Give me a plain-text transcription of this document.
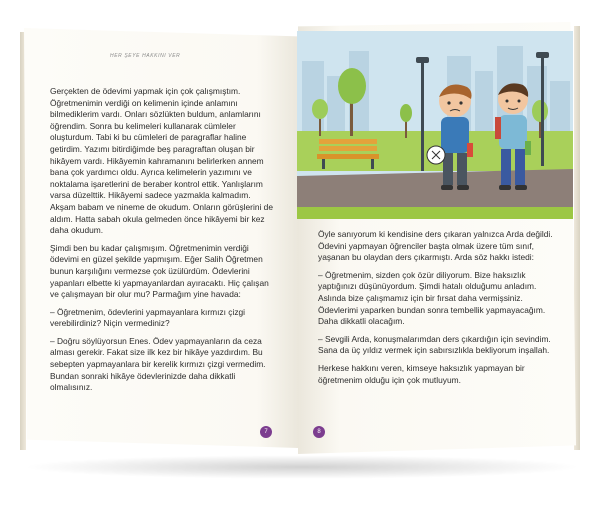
HER ŞEYE HAKKINI VER

Gerçekten de ödevimi yapmak için çok çalışmıştım. Öğretmenimin verdiği on kelimenin içinde anlamını bilmediklerim vardı. Onları sözlükten buldum, anlamlarını öğrendim. Sonra bu kelimeleri kullanarak cümleler oluşturdum. Tabi ki bu cümleleri de paragraflar haline getirdim. Yazımı bitirdiğimde beş paragraftan oluşan bir hikâyem vardı. Hikâyemin kahramanını belirlerken annem bana çok yardımcı oldu. Ayrıca kelimelerin yazımını ve noktalama işaretlerini de beraber kontrol ettik. Yanlışlarım varsa düzelttik. Hikâyemi sadece yazmakla kalmadım. Akşam babam ve nineme de okudum. Onların görüşlerini de aldım. Hatta sabah okula gelmeden önce hikâyemi bir kez daha okudum.

Şimdi ben bu kadar çalışmışım. Öğretmenimin verdiği ödevimi en güzel şekilde yapmışım. Eğer Salih Öğretmen bunun karşılığını vermezse çok üzülürdüm. Ödevlerini yapanları elbette ki yapmayanlardan ayıracaktı. Hiç çalışan ve çalışmayan bir olur mu? Parmağım yine havada:

– Öğretmenim, ödevlerini yapmayanlara kırmızı çizgi verebilirdiniz? Niçin vermediniz?

– Doğru söylüyorsun Enes. Ödev yapmayanların da ceza alması gerekir. Fakat size ilk kez bir hikâye yazdırdım. Bu sebepten yapmayanlara bir kerelik kırmızı çizgi vermedim. Bundan sonraki hikâye ödevlerinizde daha dikkatli olmalısınız.

Öyle sanıyorum ki kendisine ders çıkaran yalnızca Arda değildi. Ödevini yapmayan öğrenciler başta olmak üzere tüm sınıf, yaşanan bu olaydan ders çıkarmıştı. Arda söz hakkı istedi:

– Öğretmenim, sizden çok özür diliyorum. Bize haksızlık yaptığınızı düşünüyordum. Şimdi hatalı olduğumu anladım. Aslında bize çalışmamız için bir fırsat daha vermişsiniz. Ödevlerimi yaparken bundan sonra tembellik yapmayacağım. Daha dikkatli olacağım.

– Sevgili Arda, konuşmalarımdan ders çıkardığın için sevindim. Sana da üç yıldız vermek için sabırsızlıkla bekliyorum inşallah.

Herkese hakkını veren, kimseye haksızlık yapmayan bir öğretmenim olduğu için çok mutluyum.

7	8
